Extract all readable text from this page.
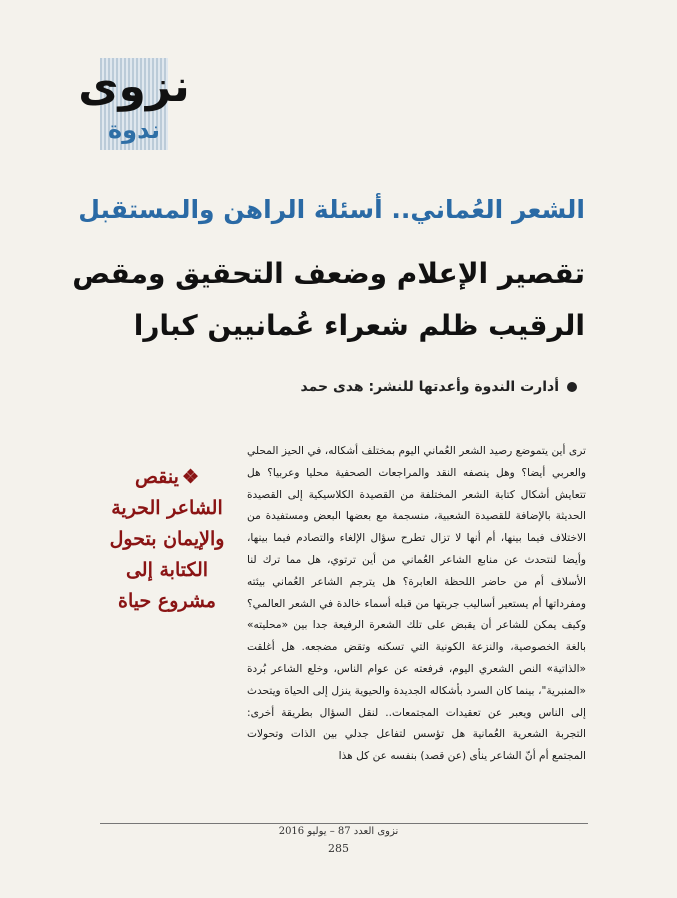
نزوى
ندوة
الشعر العُماني.. أسئلة الراهن والمستقبل
تقصير الإعلام وضعف التحقيق ومقص الرقيب ظلم شعراء عُمانيين كبارا
أدارت الندوة وأعدتها للنشر: هدى حمد
ترى أين يتموضع رصيد الشعر العُماني اليوم بمختلف أشكاله، في الحيز المحلي والعربي أيضا؟ وهل ينصفه النقد والمراجعات الصحفية محليا وعربيا؟ هل تتعايش أشكال كتابة الشعر المختلفة من القصيدة الكلاسيكية إلى القصيدة الحديثة بالإضافة للقصيدة الشعبية، منسجمة مع بعضها البعض ومستفيدة من الاختلاف فيما بينها، أم أنها لا تزال تطرح سؤال الإلغاء والتصادم فيما بينها، وأيضا لنتحدث عن منابع الشاعر العُماني من أين ترتوي، هل مما ترك لنا الأسلاف أم من حاضر اللحظة العابرة؟ هل يترجم الشاعر العُماني بيئته ومفرداتها أم يستعير أساليب جربتها من قبله أسماء خالدة في الشعر العالمي؟ وكيف يمكن للشاعر أن يقبض على تلك الشعرة الرفيعة جدا بين «محليته» بالغة الخصوصية، والنزعة الكونية التي تسكنه وتقض مضجعه. هل أغلقت «الذاتية» النص الشعري اليوم، فرفعته عن عوام الناس، وخلع الشاعر بُردة «المنبرية"، بينما كان السرد بأشكاله الجديدة والحيوية ينزل إلى الحياة ويتحدث إلى الناس ويعبر عن تعقيدات المجتمعات.. لنقل السؤال بطريقة أخرى: التجربة الشعرية العُمانية هل تؤسس لتفاعل جدلي بين الذات وتحولات المجتمع أم أنّ الشاعر ينأى (عن قصد) بنفسه عن كل هذا
❖ينقص الشاعر الحرية والإيمان بتحول الكتابة إلى مشروع حياة
نزوى العدد 87 – يوليو 2016
285
